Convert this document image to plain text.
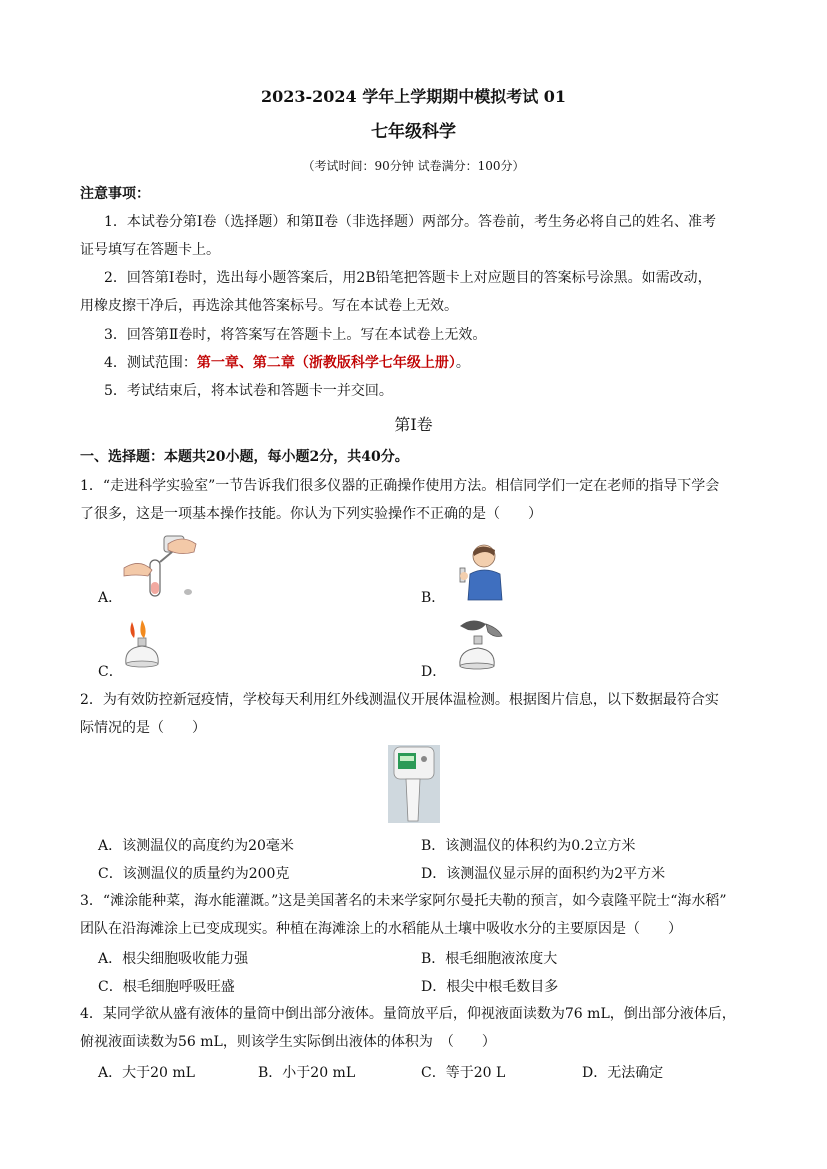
2023-2024 学年上学期期中模拟考试 01
七年级科学
（考试时间：90分钟 试卷满分：100分）
注意事项：
1．本试卷分第Ⅰ卷（选择题）和第Ⅱ卷（非选择题）两部分。答卷前，考生务必将自己的姓名、准考
证号填写在答题卡上。
2．回答第Ⅰ卷时，选出每小题答案后，用2B铅笔把答题卡上对应题目的答案标号涂黑。如需改动，
用橡皮擦干净后，再选涂其他答案标号。写在本试卷上无效。
3．回答第Ⅱ卷时，将答案写在答题卡上。写在本试卷上无效。
4．测试范围：第一章、第二章（浙教版科学七年级上册）。
5．考试结束后，将本试卷和答题卡一并交回。
第Ⅰ卷
一、选择题：本题共20小题，每小题2分，共40分。
1．“走进科学实验室”一节告诉我们很多仪器的正确操作使用方法。相信同学们一定在老师的指导下学会
了很多，这是一项基本操作技能。你认为下列实验操作不正确的是（　　）
A．	B．
C．	D．
2．为有效防控新冠疫情，学校每天利用红外线测温仪开展体温检测。根据图片信息，以下数据最符合实
际情况的是（　　）
A．该测温仪的高度约为20毫米	B．该测温仪的体积约为0.2立方米
C．该测温仪的质量约为200克	D．该测温仪显示屏的面积约为2平方米
3．“滩涂能种菜，海水能灌溉。”这是美国著名的未来学家阿尔曼托夫勒的预言，如今袁隆平院士“海水稻”
团队在沿海滩涂上已变成现实。种植在海滩涂上的水稻能从土壤中吸收水分的主要原因是（　　）
A．根尖细胞吸收能力强	B．根毛细胞液浓度大
C．根毛细胞呼吸旺盛	D．根尖中根毛数目多
4．某同学欲从盛有液体的量筒中倒出部分液体。量筒放平后，仰视液面读数为76 mL，倒出部分液体后，
俯视液面读数为56 mL，则该学生实际倒出液体的体积为　（　　）
A．大于20 mL	B．小于20 mL	C．等于20 L	D．无法确定
